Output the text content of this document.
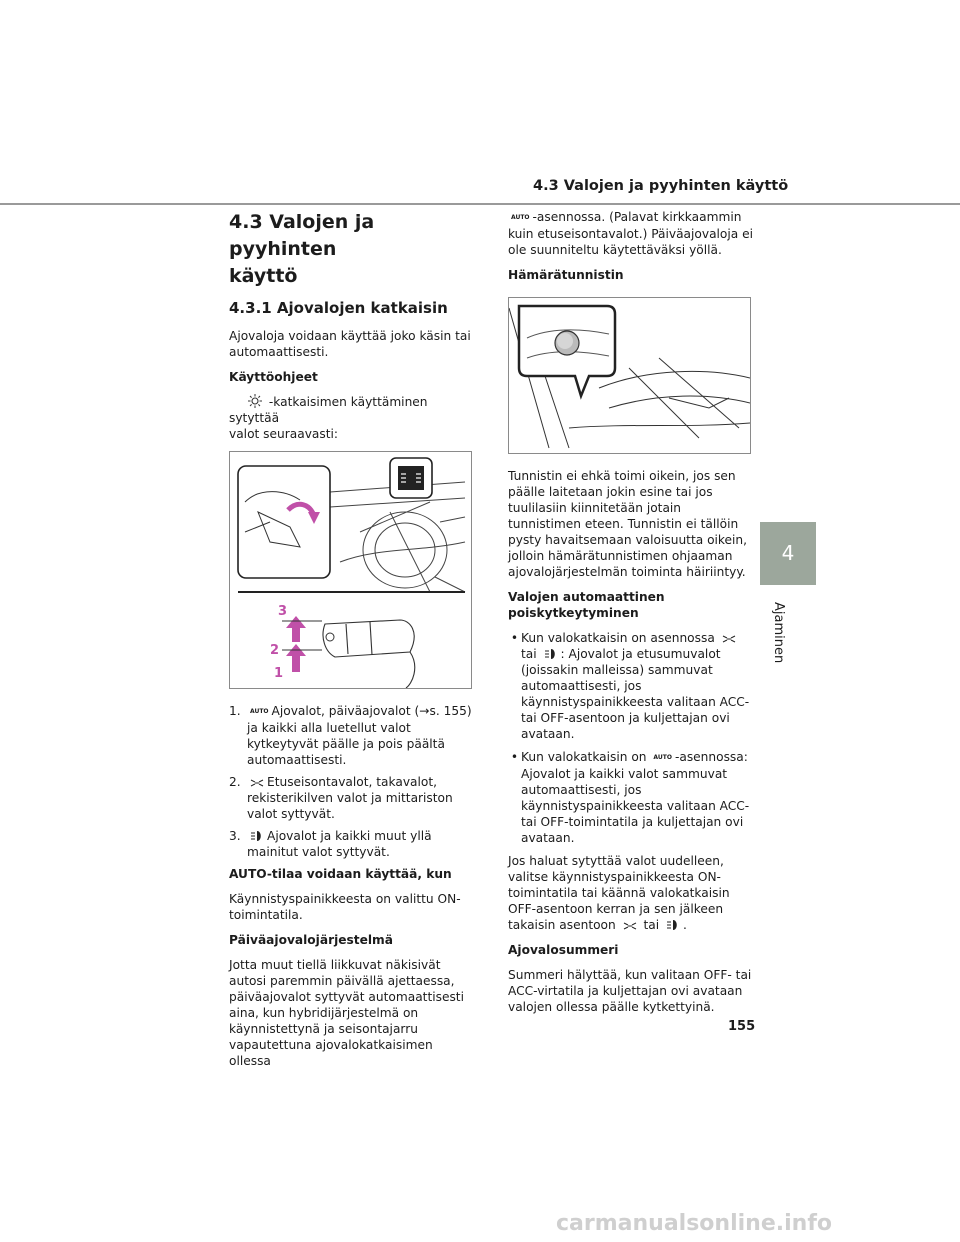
4.3 Valojen ja pyyhinten käyttö
4.3 Valojen ja pyyhinten
käyttö
4.3.1 Ajovalojen katkaisin

Ajovaloja voidaan käyttää joko käsin tai automaattisesti.

Käyttöohjeet

-katkaisimen käyttäminen sytyttää
valot seuraavasti:

2
1
3
1.	AUTO Ajovalot, päiväajovalot (→s. 155) ja kaikki alla luetellut valot kytkeytyvät päälle ja pois päältä automaattisesti.
2.	Etuseisontavalot, takavalot, rekisterikilven valot ja mittariston valot syttyvät.
3.	Ajovalot ja kaikki muut yllä mainitut valot syttyvät.

AUTO-tilaa voidaan käyttää, kun

Käynnistyspainikkeesta on valittu ON-toimintatila.

Päiväajovalojärjestelmä

Jotta muut tiellä liikkuvat näkisivät autosi paremmin päivällä ajettaessa, päiväajovalot syttyvät automaattisesti aina, kun hybridijärjestelmä on käynnistettynä ja seisontajarru vapautettuna ajovalokatkaisimen ollessa

AUTO -asennossa. (Palavat kirkkaammin kuin etuseisontavalot.) Päiväajovaloja ei ole suunniteltu käytettäväksi yöllä.

Hämärätunnistin

Tunnistin ei ehkä toimi oikein, jos sen päälle laitetaan jokin esine tai jos tuulilasiin kiinnitetään jotain tunnistimen eteen. Tunnistin ei tällöin pysty havaitsemaan valoisuutta oikein, jolloin hämärätunnistimen ohjaaman ajovalojärjestelmän toiminta häiriintyy.

Valojen automaattinen poiskytkeytyminen

• Kun valokatkaisin on asennossa  tai : Ajovalot ja etusumuvalot (joissakin malleissa) sammuvat automaattisesti, jos käynnistyspainikkeesta valitaan ACC- tai OFF-asentoon ja kuljettajan ovi avataan.
• Kun valokatkaisin on AUTO -asennossa: Ajovalot ja kaikki valot sammuvat automaattisesti, jos käynnistyspainikkeesta valitaan ACC- tai OFF-toimintatila ja kuljettajan ovi avataan.

Jos haluat sytyttää valot uudelleen, valitse käynnistyspainikkeesta ON-toimintatila tai käännä valokatkaisin OFF-asentoon kerran ja sen jälkeen takaisin asentoon tai .

Ajovalosummeri

Summeri hälyttää, kun valitaan OFF- tai ACC-virtatila ja kuljettajan ovi avataan valojen ollessa päälle kytkettyinä.

4
Ajaminen
155
carmanualsonline.info
